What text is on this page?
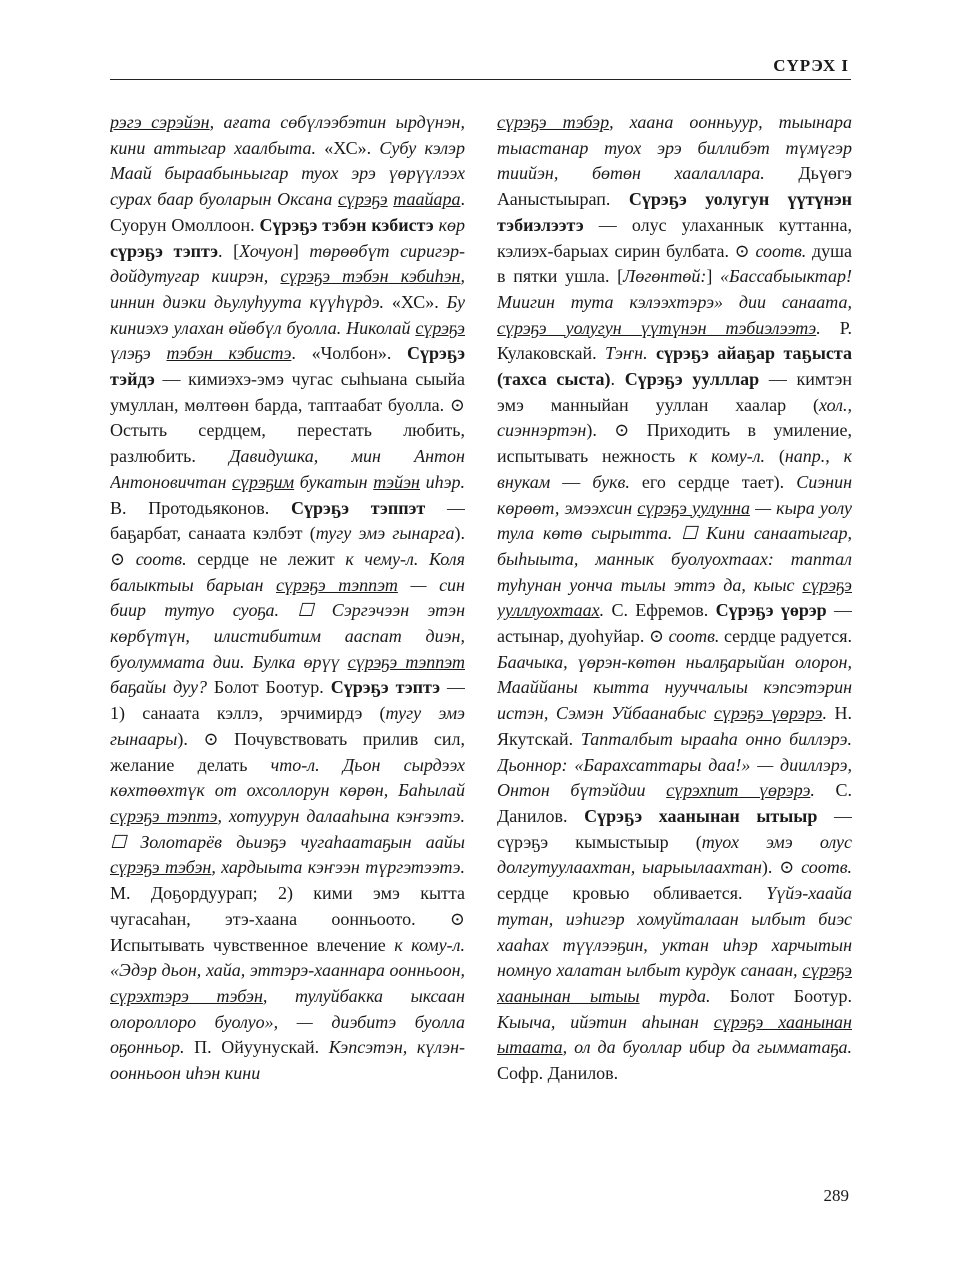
СҮРЭХ I

рэгэ сэрэйэн, ағата сөбүлээбэтин ырдүнэн, кини аттыгар хаалбыта. «ХС». Субу кэлэр Маай быраабыньыгар туох эрэ үөрүүлээх сурах баар буоларын Оксана сүрэҕэ таайара. Суорун Омоллоон. Сүрэҕэ тэбэн кэбистэ көр сүрэҕэ тэптэ. [Хочуон] төрөөбүт сиригэр-дойдутугар киирэн, сүрэҕэ тэбэн кэбиһэн, иннин диэки дьулуһуута күүһүрдэ. «ХС». Бу киниэхэ улахан өйөбүл буолла. Николай сүрэҕэ үлэҕэ тэбэн кэбистэ. «Чолбон». Сүрэҕэ тэйдэ — кимиэхэ-эмэ чугас сыһыана сыыйа умуллан, мөлтөөн барда, таптаабат буолла. ⊙ Остыть сердцем, перестать любить, разлюбить. Давидушка, мин Антон Антоновичтан сүрэҕим букатын тэйэн иһэр. В. Протодьяконов. Сүрэҕэ тэппэт — баҕарбат, санаата кэлбэт (тугу эмэ гынарга). ⊙ соотв. сердце не лежит к чему-л. Коля балыктыы барыан сүрэҕэ тэппэт — син биир тутуо суоҕа. ☐ Сэргэчээн этэн көрбүтүн, илистибитим аaспат диэн, буолуммата дии. Булка өрүү сүрэҕэ тэппэт баҕайы дуу? Болот Боотур. Сүрэҕэ тэптэ — 1) санаата кэллэ, эрчимирдэ (тугу эмэ гынаары). ⊙ Почувствовать прилив сил, желание делать что-л. Дьон сырдээх көхтөөхтүк от охсоллорун көрөн, Баһылай сүрэҕэ тэптэ, хотуурун далааһына кэҥээтэ. ☐ Золотарёв дьиэҕэ чугаһаатаҕын аайы сүрэҕэ тэбэн, хардыыта кэҥээн түргэтээтэ. М. Доҕордуурап; 2) кими эмэ кытта чугасаһан, этэ-хаана оонньоото. ⊙ Испытывать чувственное влечение к кому-л. «Эдэр дьон, хайа, эттэрэ-хааннара оонньоон, сүрэхтэрэ тэбэн, тулуйбакка ыксаан олороллоро буолуо», — диэбитэ буолла оҕонньор. П. Ойуунускай. Кэпсэтэн, күлэн-оонньоон иһэн кини

сүрэҕэ тэбэр, хаана оонньуур, тыынара тыастанар туох эрэ биллибэт түмүгэр тиийэн, бөтөн хаалаллара. Дьүөгэ Ааныстыырап. Сүрэҕэ уолугун үүтүнэн тэбиэлээтэ — олус улаханнык куттанна, кэлиэх-барыах сирин булбата. ⊙ соотв. душа в пятки ушла. [Лөгөнтөй:] «Бассабыыктар! Миигин тута кэлээхтэрэ» дии санаата, сүрэҕэ уолугун үүтүнэн тэбиэлээтэ. Р. Кулаковскай. Тэҥн. сүрэҕэ айаҕар таҕыста (тахса сыста). Сүрэҕэ уулллар — кимтэн эмэ манныйан ууллан хаалар (хол., сиэннэртэн). ⊙ Приходить в умиление, испытывать нежность к кому-л. (напр., к внукам — букв. его сердце тает). Сиэнин көрөөт, эмээхсин сүрэҕэ уулунна — кыра уолу тула көтө сырытта. ☐ Кини санаатыгар, быһыыта, маннык буолуохтаах: таптал туһунан уонча тылы эттэ да, кыыс сүрэҕэ уулллуохтаах. С. Ефремов. Сүрэҕэ үөрэр — астынар, дуоһуйар. ⊙ соотв. сердце радуется. Баачыка, үөрэн-көтөн ньалҕарыйан олорон, Мааййаны кытта нууччалыы кэпсэтэрин истэн, Сэмэн Уйбаанабыс сүрэҕэ үөрэрэ. Н. Якутскай. Тапталбыт ырааһа онно биллэрэ. Дьоннор: «Барахсаттары даа!» — дииллэрэ, Онтон бүтэйдии сүрэхпит үөрэрэ. С. Данилов. Сүрэҕэ хаанынан ытыыр — сүрэҕэ кымыстыыр (туох эмэ олус долгутуулаахтан, ыарыылаахтан). ⊙ соотв. сердце кровью обливается. Үүйэ-хаайа тутан, иэһигэр хомуйталаан ылбыт биэс хааһах түүлээҕин, уктан иһэр харчытын номнуо халатан ылбыт курдук санаан, сүрэҕэ хаанынан ытыы турда. Болот Боотур. Кыыча, ийэтин аһынан сүрэҕэ хаанынан ытаата, ол да буоллар ибир да гымматаҕа. Софр. Данилов.

289
